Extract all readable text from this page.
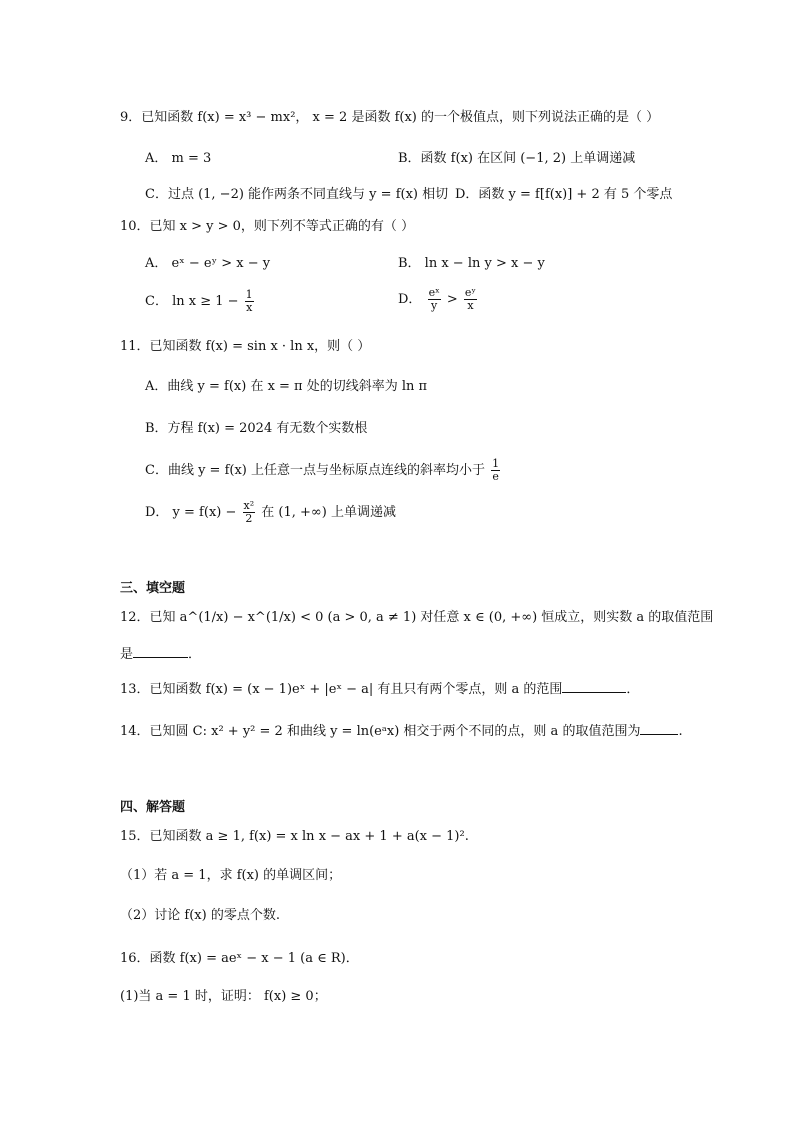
9．已知函数 f(x) = x³ − mx²， x = 2 是函数 f(x) 的一个极值点，则下列说法正确的是（ ）
A． m = 3	B．函数 f(x) 在区间 (−1, 2) 上单调递减
C．过点 (1, −2) 能作两条不同直线与 y = f(x) 相切 D．函数 y = f[f(x)] + 2 有 5 个零点
10．已知 x > y > 0，则下列不等式正确的有（ ）
A． eˣ − eʸ > x − y	B． ln x − ln y > x − y
C． $\ln x \ge 1 - \frac{1}{x}$	D． $\frac{\text{eˣ}}{y} > \frac{\text{eʸ}}{x}$
11．已知函数 f(x) = sin x · ln x，则（ ）
A．曲线 y = f(x) 在 x = π 处的切线斜率为 ln π
B．方程 f(x) = 2024 有无数个实数根
C．曲线 y = f(x) 上任意一点与坐标原点连线的斜率均小于 $\frac{1}{e}$
D． $y = f(x) - \frac{\text{x²}}{2}$ 在 (1, +∞) 上单调递减
三、填空题
12．已知 a^(1/x) − x^(1/x) < 0 (a > 0, a ≠ 1) 对任意 x ∈ (0, +∞) 恒成立，则实数 a 的取值范围
是	．
13．已知函数 f(x) = (x − 1)eˣ + |eˣ − a| 有且只有两个零点，则 a 的范围	．
14．已知圆 C: x² + y² = 2 和曲线 y = ln(eᵃx) 相交于两个不同的点，则 a 的取值范围为	.
四、解答题
15．已知函数 a ≥ 1, f(x) = x ln x − ax + 1 + a(x − 1)².
（1）若 a = 1，求 f(x) 的单调区间；
（2）讨论 f(x) 的零点个数.
16．函数 f(x) = aeˣ − x − 1 (a ∈ R)．
(1)当 a = 1 时，证明： f(x) ≥ 0；
